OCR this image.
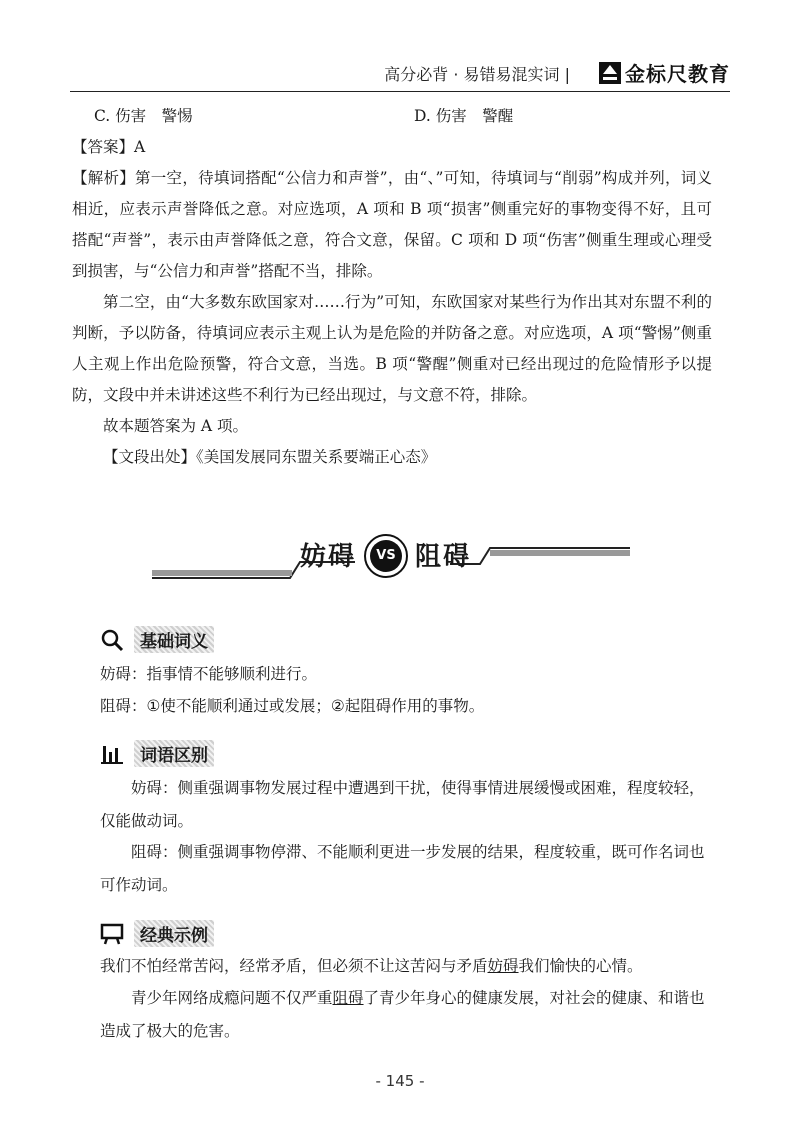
高分必背 · 易错易混实词 |	金标尺教育
C. 伤害　警惕	D. 伤害　警醒
【答案】A
【解析】第一空，待填词搭配“公信力和声誉”，由“、”可知，待填词与“削弱”构成并列，词义相近，应表示声誉降低之意。对应选项，A 项和 B 项“损害”侧重完好的事物变得不好，且可搭配“声誉”，表示由声誉降低之意，符合文意，保留。C 项和 D 项“伤害”侧重生理或心理受到损害，与“公信力和声誉”搭配不当，排除。
第二空，由“大多数东欧国家对……行为”可知，东欧国家对某些行为作出其对东盟不利的判断，予以防备，待填词应表示主观上认为是危险的并防备之意。对应选项，A 项“警惕”侧重人主观上作出危险预警，符合文意，当选。B 项“警醒”侧重对已经出现过的危险情形予以提防，文段中并未讲述这些不利行为已经出现过，与文意不符，排除。
故本题答案为 A 项。
【文段出处】《美国发展同东盟关系要端正心态》
妨碍	VS 阻碍
基础词义
妨碍：指事情不能够顺利进行。
阻碍：①使不能顺利通过或发展；②起阻碍作用的事物。
词语区别
妨碍：侧重强调事物发展过程中遭遇到干扰，使得事情进展缓慢或困难，程度较轻，仅能做动词。
阻碍：侧重强调事物停滞、不能顺利更进一步发展的结果，程度较重，既可作名词也可作动词。
经典示例
我们不怕经常苦闷，经常矛盾，但必须不让这苦闷与矛盾妨碍我们愉快的心情。
青少年网络成瘾问题不仅严重阻碍了青少年身心的健康发展，对社会的健康、和谐也造成了极大的危害。
- 145 -
